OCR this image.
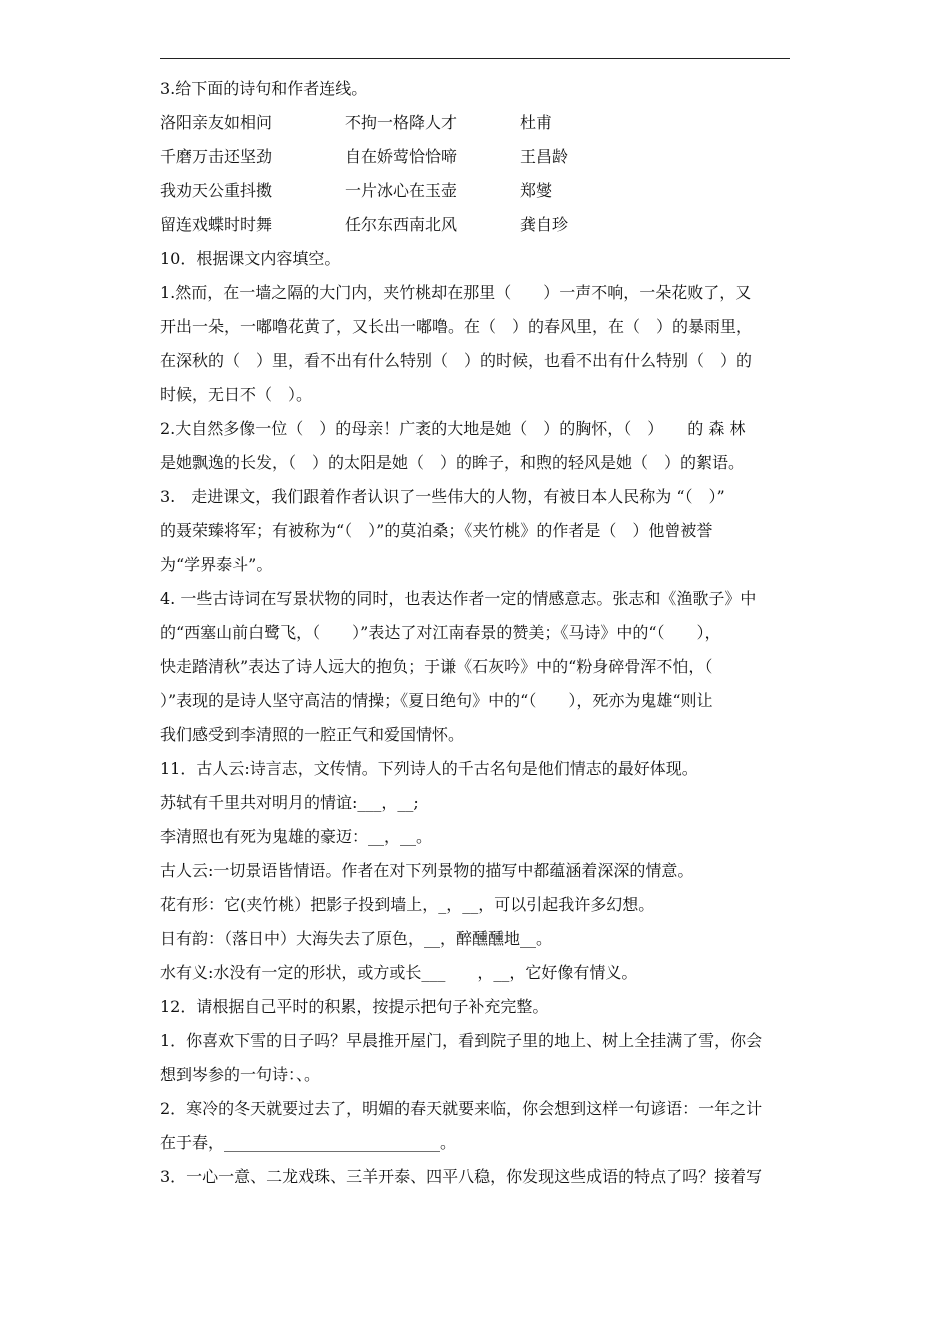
3.给下面的诗句和作者连线。
洛阳亲友如相问	不拘一格降人才	杜甫
千磨万击还坚劲	自在娇莺恰恰啼	王昌龄
我劝天公重抖擞	一片冰心在玉壶	郑燮
留连戏蝶时时舞	任尔东西南北风	龚自珍
10．根据课文内容填空。
1.然而，在一墙之隔的大门内，夹竹桃却在那里（　　）一声不响，一朵花败了，又
开出一朵，一嘟噜花黄了，又长出一嘟噜。在（　）的春风里，在（　）的暴雨里，
在深秋的（　）里，看不出有什么特别（　）的时候，也看不出有什么特别（　）的
时候，无日不（　）。
2.大自然多像一位（　）的母亲！广袤的大地是她（　）的胸怀，（　）　　的 森 林
是她飘逸的长发，（　）的太阳是她（　）的眸子，和煦的轻风是她（　）的絮语。
3.　走进课文，我们跟着作者认识了一些伟大的人物，有被日本人民称为 “（　）”
的聂荣臻将军；有被称为“（　）”的莫泊桑；《夹竹桃》的作者是（　）他曾被誉
为“学界泰斗”。
4. 一些古诗词在写景状物的同时，也表达作者一定的情感意志。张志和《渔歌子》中
的“西塞山前白鹭飞，（　　）”表达了对江南春景的赞美；《马诗》中的“（　　），
快走踏清秋”表达了诗人远大的抱负；于谦《石灰吟》中的“粉身碎骨浑不怕，（
）”表现的是诗人坚守高洁的情操；《夏日绝句》中的“（　　），死亦为鬼雄“则让
我们感受到李清照的一腔正气和爱国情怀。
11．古人云:诗言志，文传情。下列诗人的千古名句是他们情志的最好体现。
苏轼有千里共对明月的情谊:___，__;
李清照也有死为鬼雄的豪迈：__，__。
古人云:一切景语皆情语。作者在对下列景物的描写中都蕴涵着深深的情意。
花有形：它(夹竹桃）把影子投到墙上，_，__，可以引起我许多幻想。
日有韵：（落日中）大海失去了原色，__，醉醺醺地__。
水有义:水没有一定的形状，或方或长___　　，__，它好像有情义。
12．请根据自己平时的积累，按提示把句子补充完整。
1．你喜欢下雪的日子吗？早晨推开屋门，看到院子里的地上、树上全挂满了雪，你会
想到岑参的一句诗：、。
2．寒冷的冬天就要过去了，明媚的春天就要来临，你会想到这样一句谚语：一年之计
在于春，___________________________。
3．一心一意、二龙戏珠、三羊开泰、四平八稳，你发现这些成语的特点了吗？接着写
